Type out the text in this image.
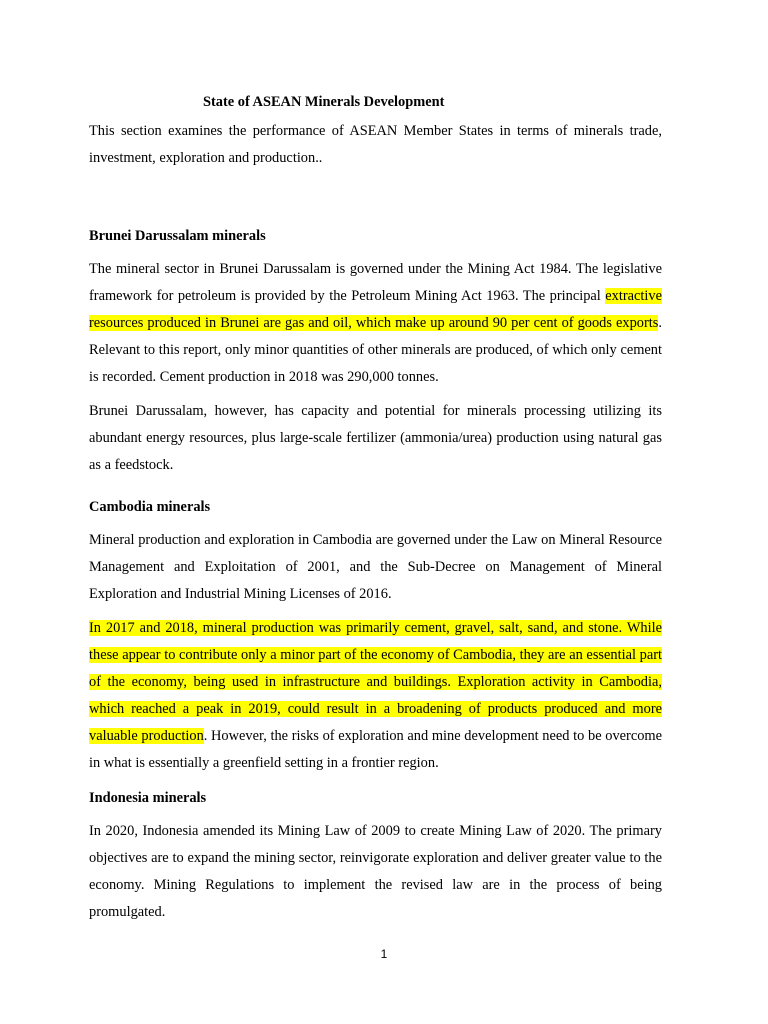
State of ASEAN Minerals Development
This section examines the performance of ASEAN Member States in terms of minerals trade, investment, exploration and production..
Brunei Darussalam minerals
The mineral sector in Brunei Darussalam is governed under the Mining Act 1984. The legislative framework for petroleum is provided by the Petroleum Mining Act 1963. The principal extractive resources produced in Brunei are gas and oil, which make up around 90 per cent of goods exports. Relevant to this report, only minor quantities of other minerals are produced, of which only cement is recorded. Cement production in 2018 was 290,000 tonnes.
Brunei Darussalam, however, has capacity and potential for minerals processing utilizing its abundant energy resources, plus large-scale fertilizer (ammonia/urea) production using natural gas as a feedstock.
Cambodia minerals
Mineral production and exploration in Cambodia are governed under the Law on Mineral Resource Management and Exploitation of 2001, and the Sub-Decree on Management of Mineral Exploration and Industrial Mining Licenses of 2016.
In 2017 and 2018, mineral production was primarily cement, gravel, salt, sand, and stone. While these appear to contribute only a minor part of the economy of Cambodia, they are an essential part of the economy, being used in infrastructure and buildings. Exploration activity in Cambodia, which reached a peak in 2019, could result in a broadening of products produced and more valuable production. However, the risks of exploration and mine development need to be overcome in what is essentially a greenfield setting in a frontier region.
Indonesia minerals
In 2020, Indonesia amended its Mining Law of 2009 to create Mining Law of 2020. The primary objectives are to expand the mining sector, reinvigorate exploration and deliver greater value to the economy. Mining Regulations to implement the revised law are in the process of being promulgated.
1
